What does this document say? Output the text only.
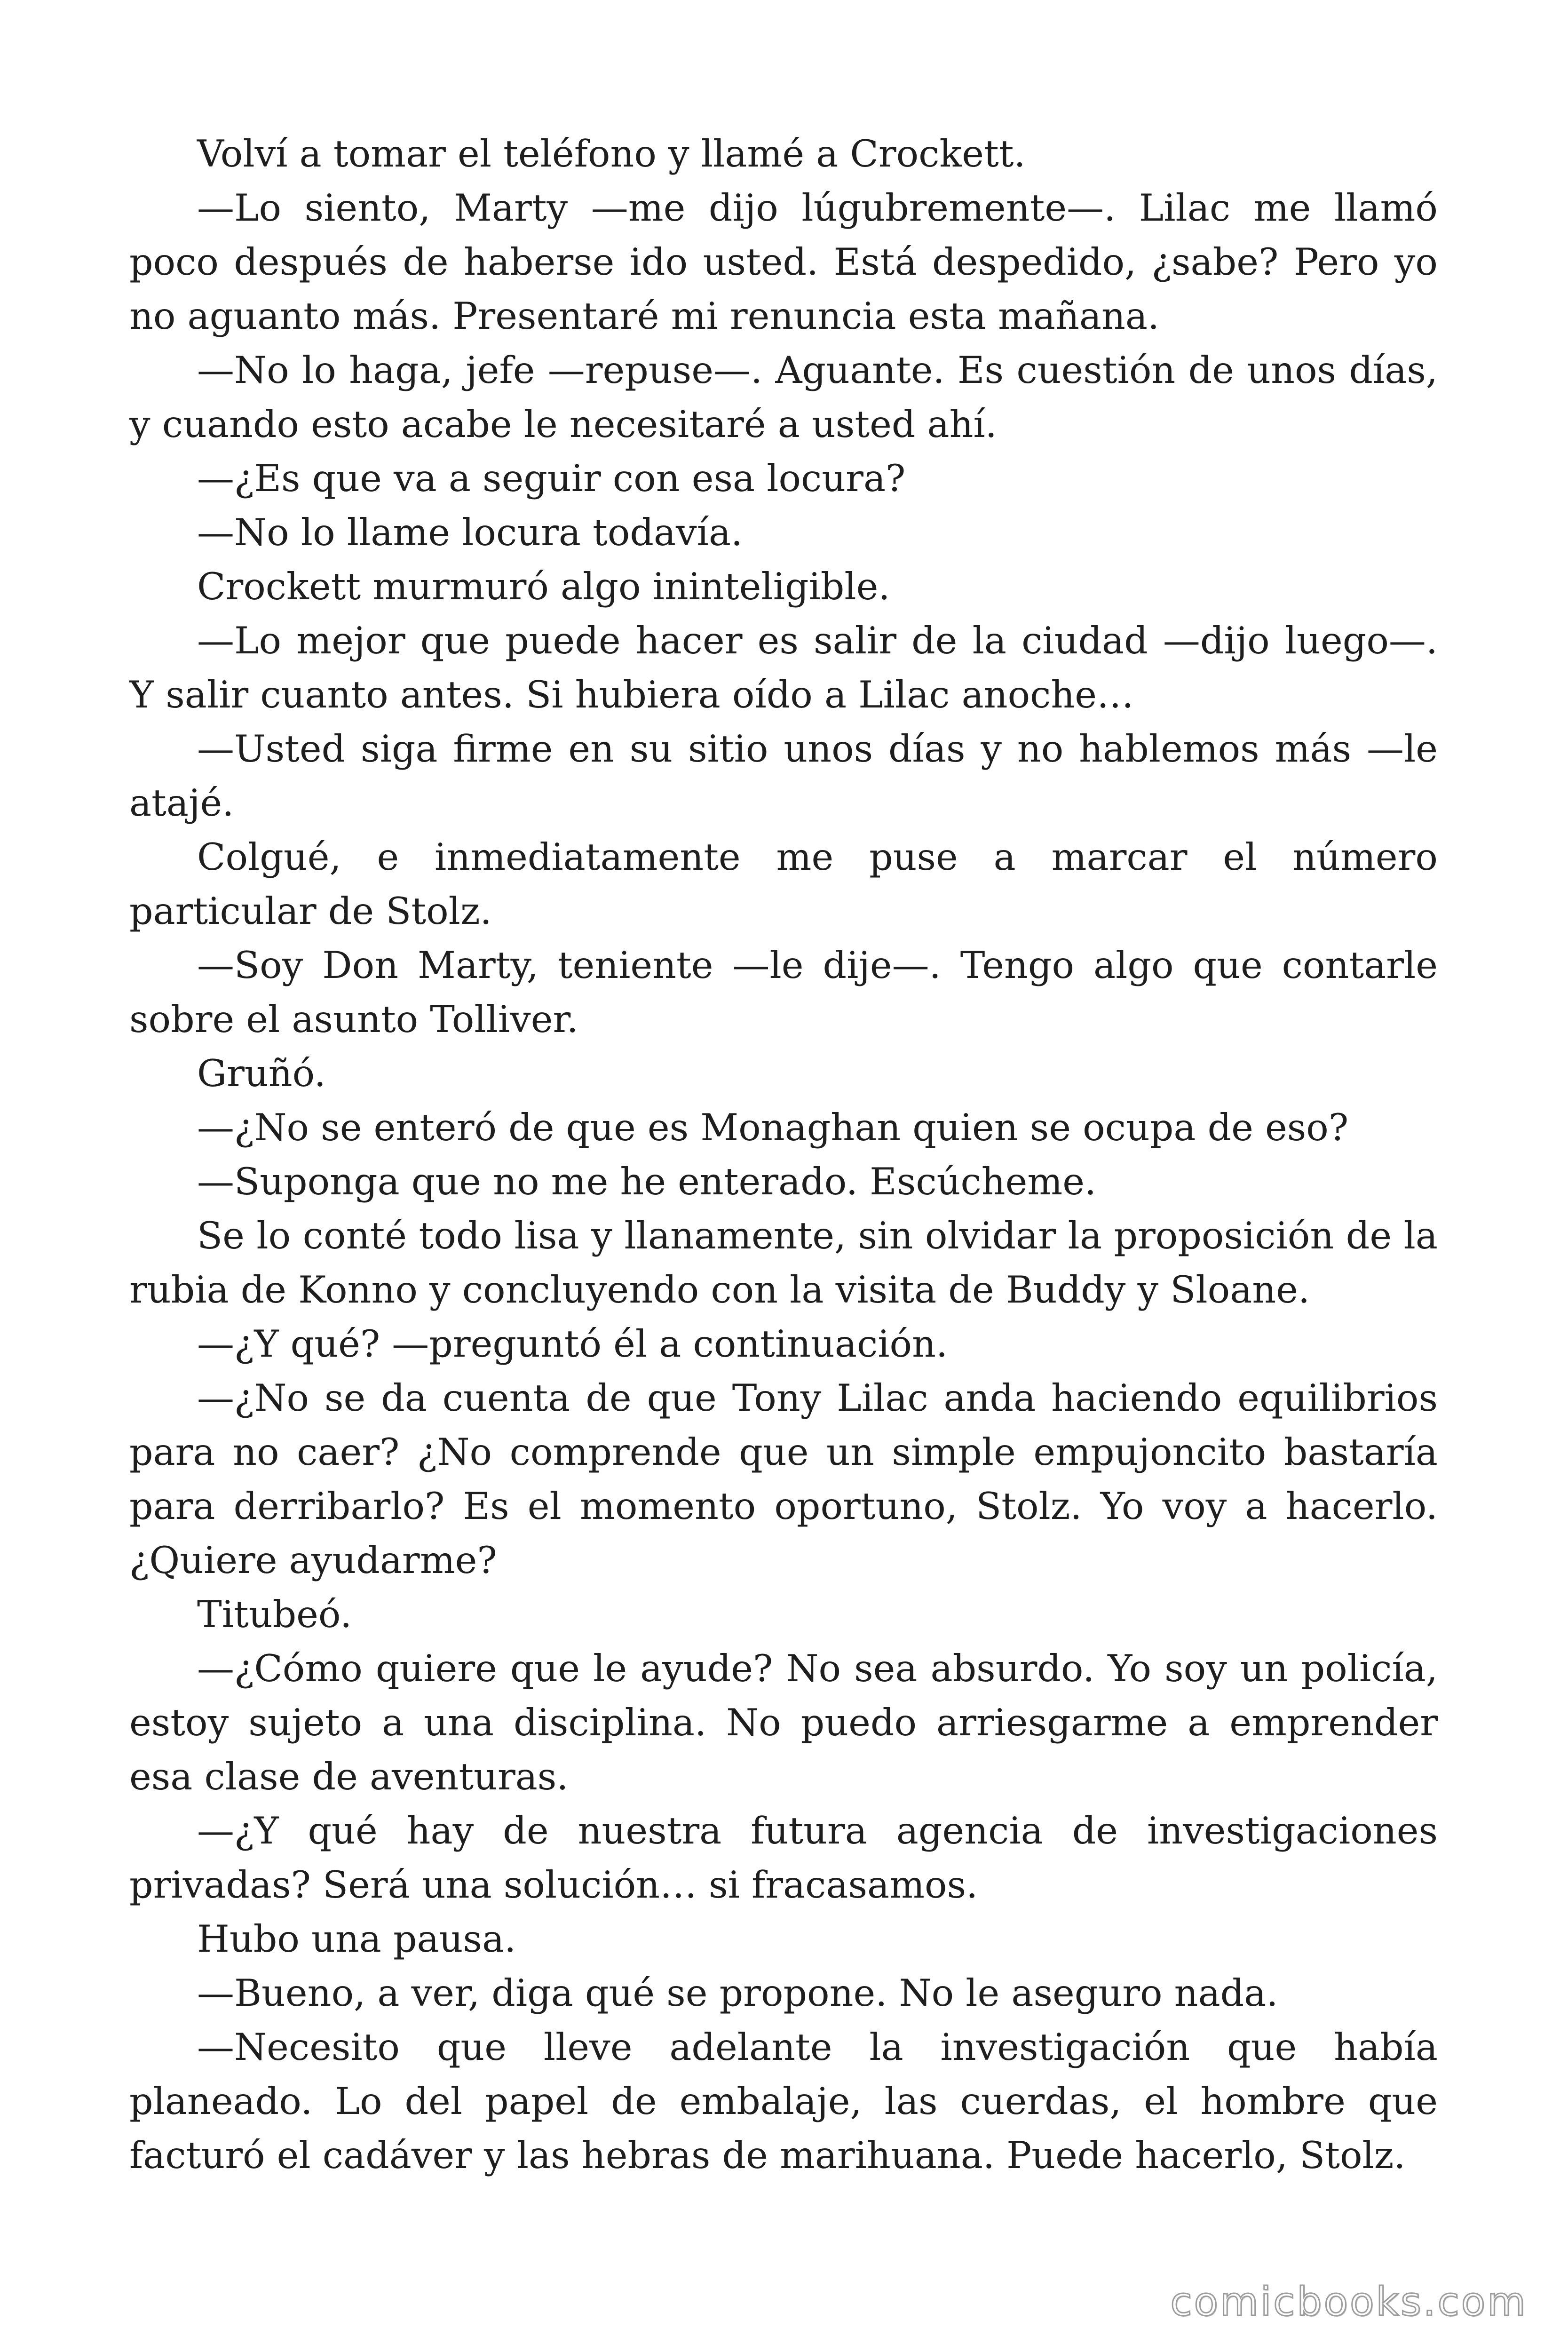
Volví a tomar el teléfono y llamé a Crockett.

—Lo siento, Marty —me dijo lúgubremente—. Lilac me llamó poco después de haberse ido usted. Está despedido, ¿sabe? Pero yo no aguanto más. Presentaré mi renuncia esta mañana.

—No lo haga, jefe —repuse—. Aguante. Es cuestión de unos días, y cuando esto acabe le necesitaré a usted ahí.

—¿Es que va a seguir con esa locura?

—No lo llame locura todavía.

Crockett murmuró algo ininteligible.

—Lo mejor que puede hacer es salir de la ciudad —dijo luego—. Y salir cuanto antes. Si hubiera oído a Lilac anoche…

—Usted siga firme en su sitio unos días y no hablemos más —le atajé.

Colgué, e inmediatamente me puse a marcar el número particular de Stolz.

—Soy Don Marty, teniente —le dije—. Tengo algo que contarle sobre el asunto Tolliver.

Gruñó.

—¿No se enteró de que es Monaghan quien se ocupa de eso?

—Suponga que no me he enterado. Escúcheme.

Se lo conté todo lisa y llanamente, sin olvidar la proposición de la rubia de Konno y concluyendo con la visita de Buddy y Sloane.

—¿Y qué? —preguntó él a continuación.

—¿No se da cuenta de que Tony Lilac anda haciendo equilibrios para no caer? ¿No comprende que un simple empujoncito bastaría para derribarlo? Es el momento oportuno, Stolz. Yo voy a hacerlo. ¿Quiere ayudarme?

Titubeó.

—¿Cómo quiere que le ayude? No sea absurdo. Yo soy un policía, estoy sujeto a una disciplina. No puedo arriesgarme a emprender esa clase de aventuras.

—¿Y qué hay de nuestra futura agencia de investigaciones privadas? Será una solución… si fracasamos.

Hubo una pausa.

—Bueno, a ver, diga qué se propone. No le aseguro nada.

—Necesito que lleve adelante la investigación que había planeado. Lo del papel de embalaje, las cuerdas, el hombre que facturó el cadáver y las hebras de marihuana. Puede hacerlo, Stolz.

comicbooks.com
